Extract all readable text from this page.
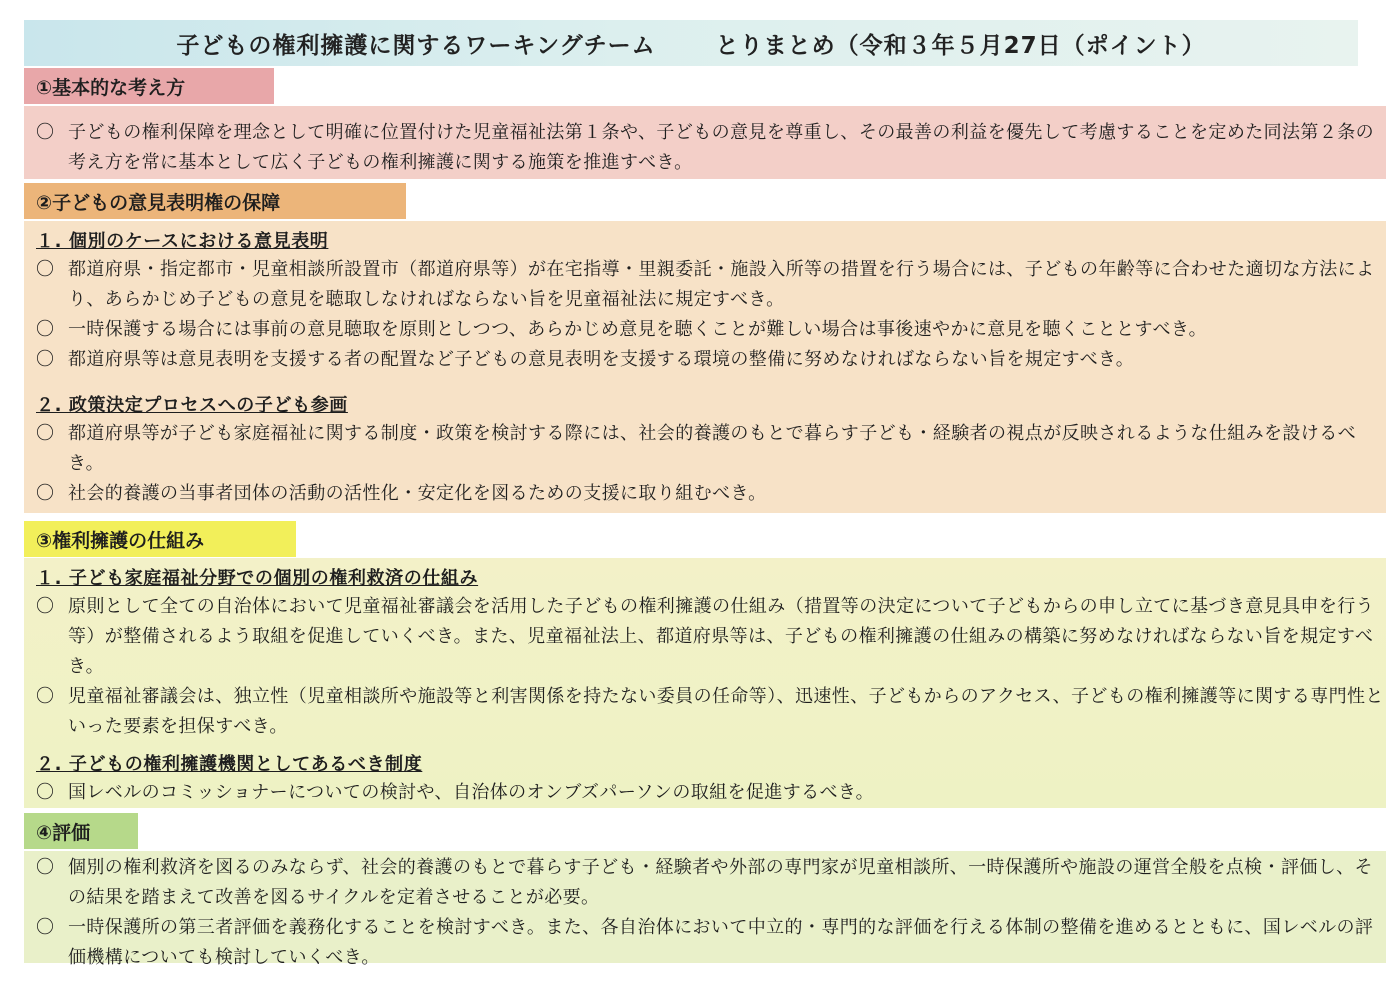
子どもの権利擁護に関するワーキングチーム	とりまとめ（令和３年５月27日（ポイント）
①基本的な考え方
〇 子どもの権利保障を理念として明確に位置付けた児童福祉法第１条や、子どもの意見を尊重し、その最善の利益を優先して考慮することを定めた同法第２条の考え方を常に基本として広く子どもの権利擁護に関する施策を推進すべき。
②子どもの意見表明権の保障
１. 個別のケースにおける意見表明
〇 都道府県・指定都市・児童相談所設置市（都道府県等）が在宅指導・里親委託・施設入所等の措置を行う場合には、子どもの年齢等に合わせた適切な方法により、あらかじめ子どもの意見を聴取しなければならない旨を児童福祉法に規定すべき。
〇 一時保護する場合には事前の意見聴取を原則としつつ、あらかじめ意見を聴くことが難しい場合は事後速やかに意見を聴くこととすべき。
〇 都道府県等は意見表明を支援する者の配置など子どもの意見表明を支援する環境の整備に努めなければならない旨を規定すべき。
２. 政策決定プロセスへの子ども参画
〇 都道府県等が子ども家庭福祉に関する制度・政策を検討する際には、社会的養護のもとで暮らす子ども・経験者の視点が反映されるような仕組みを設けるべき。
〇 社会的養護の当事者団体の活動の活性化・安定化を図るための支援に取り組むべき。
③権利擁護の仕組み
１. 子ども家庭福祉分野での個別の権利救済の仕組み
〇 原則として全ての自治体において児童福祉審議会を活用した子どもの権利擁護の仕組み（措置等の決定について子どもからの申し立てに基づき意見具申を行う等）が整備されるよう取組を促進していくべき。また、児童福祉法上、都道府県等は、子どもの権利擁護の仕組みの構築に努めなければならない旨を規定すべき。
〇 児童福祉審議会は、独立性（児童相談所や施設等と利害関係を持たない委員の任命等）、迅速性、子どもからのアクセス、子どもの権利擁護等に関する専門性といった要素を担保すべき。
２. 子どもの権利擁護機関としてあるべき制度
〇 国レベルのコミッショナーについての検討や、自治体のオンブズパーソンの取組を促進するべき。
④評価
〇 個別の権利救済を図るのみならず、社会的養護のもとで暮らす子ども・経験者や外部の専門家が児童相談所、一時保護所や施設の運営全般を点検・評価し、その結果を踏まえて改善を図るサイクルを定着させることが必要。
〇 一時保護所の第三者評価を義務化することを検討すべき。また、各自治体において中立的・専門的な評価を行える体制の整備を進めるとともに、国レベルの評価機構についても検討していくべき。
